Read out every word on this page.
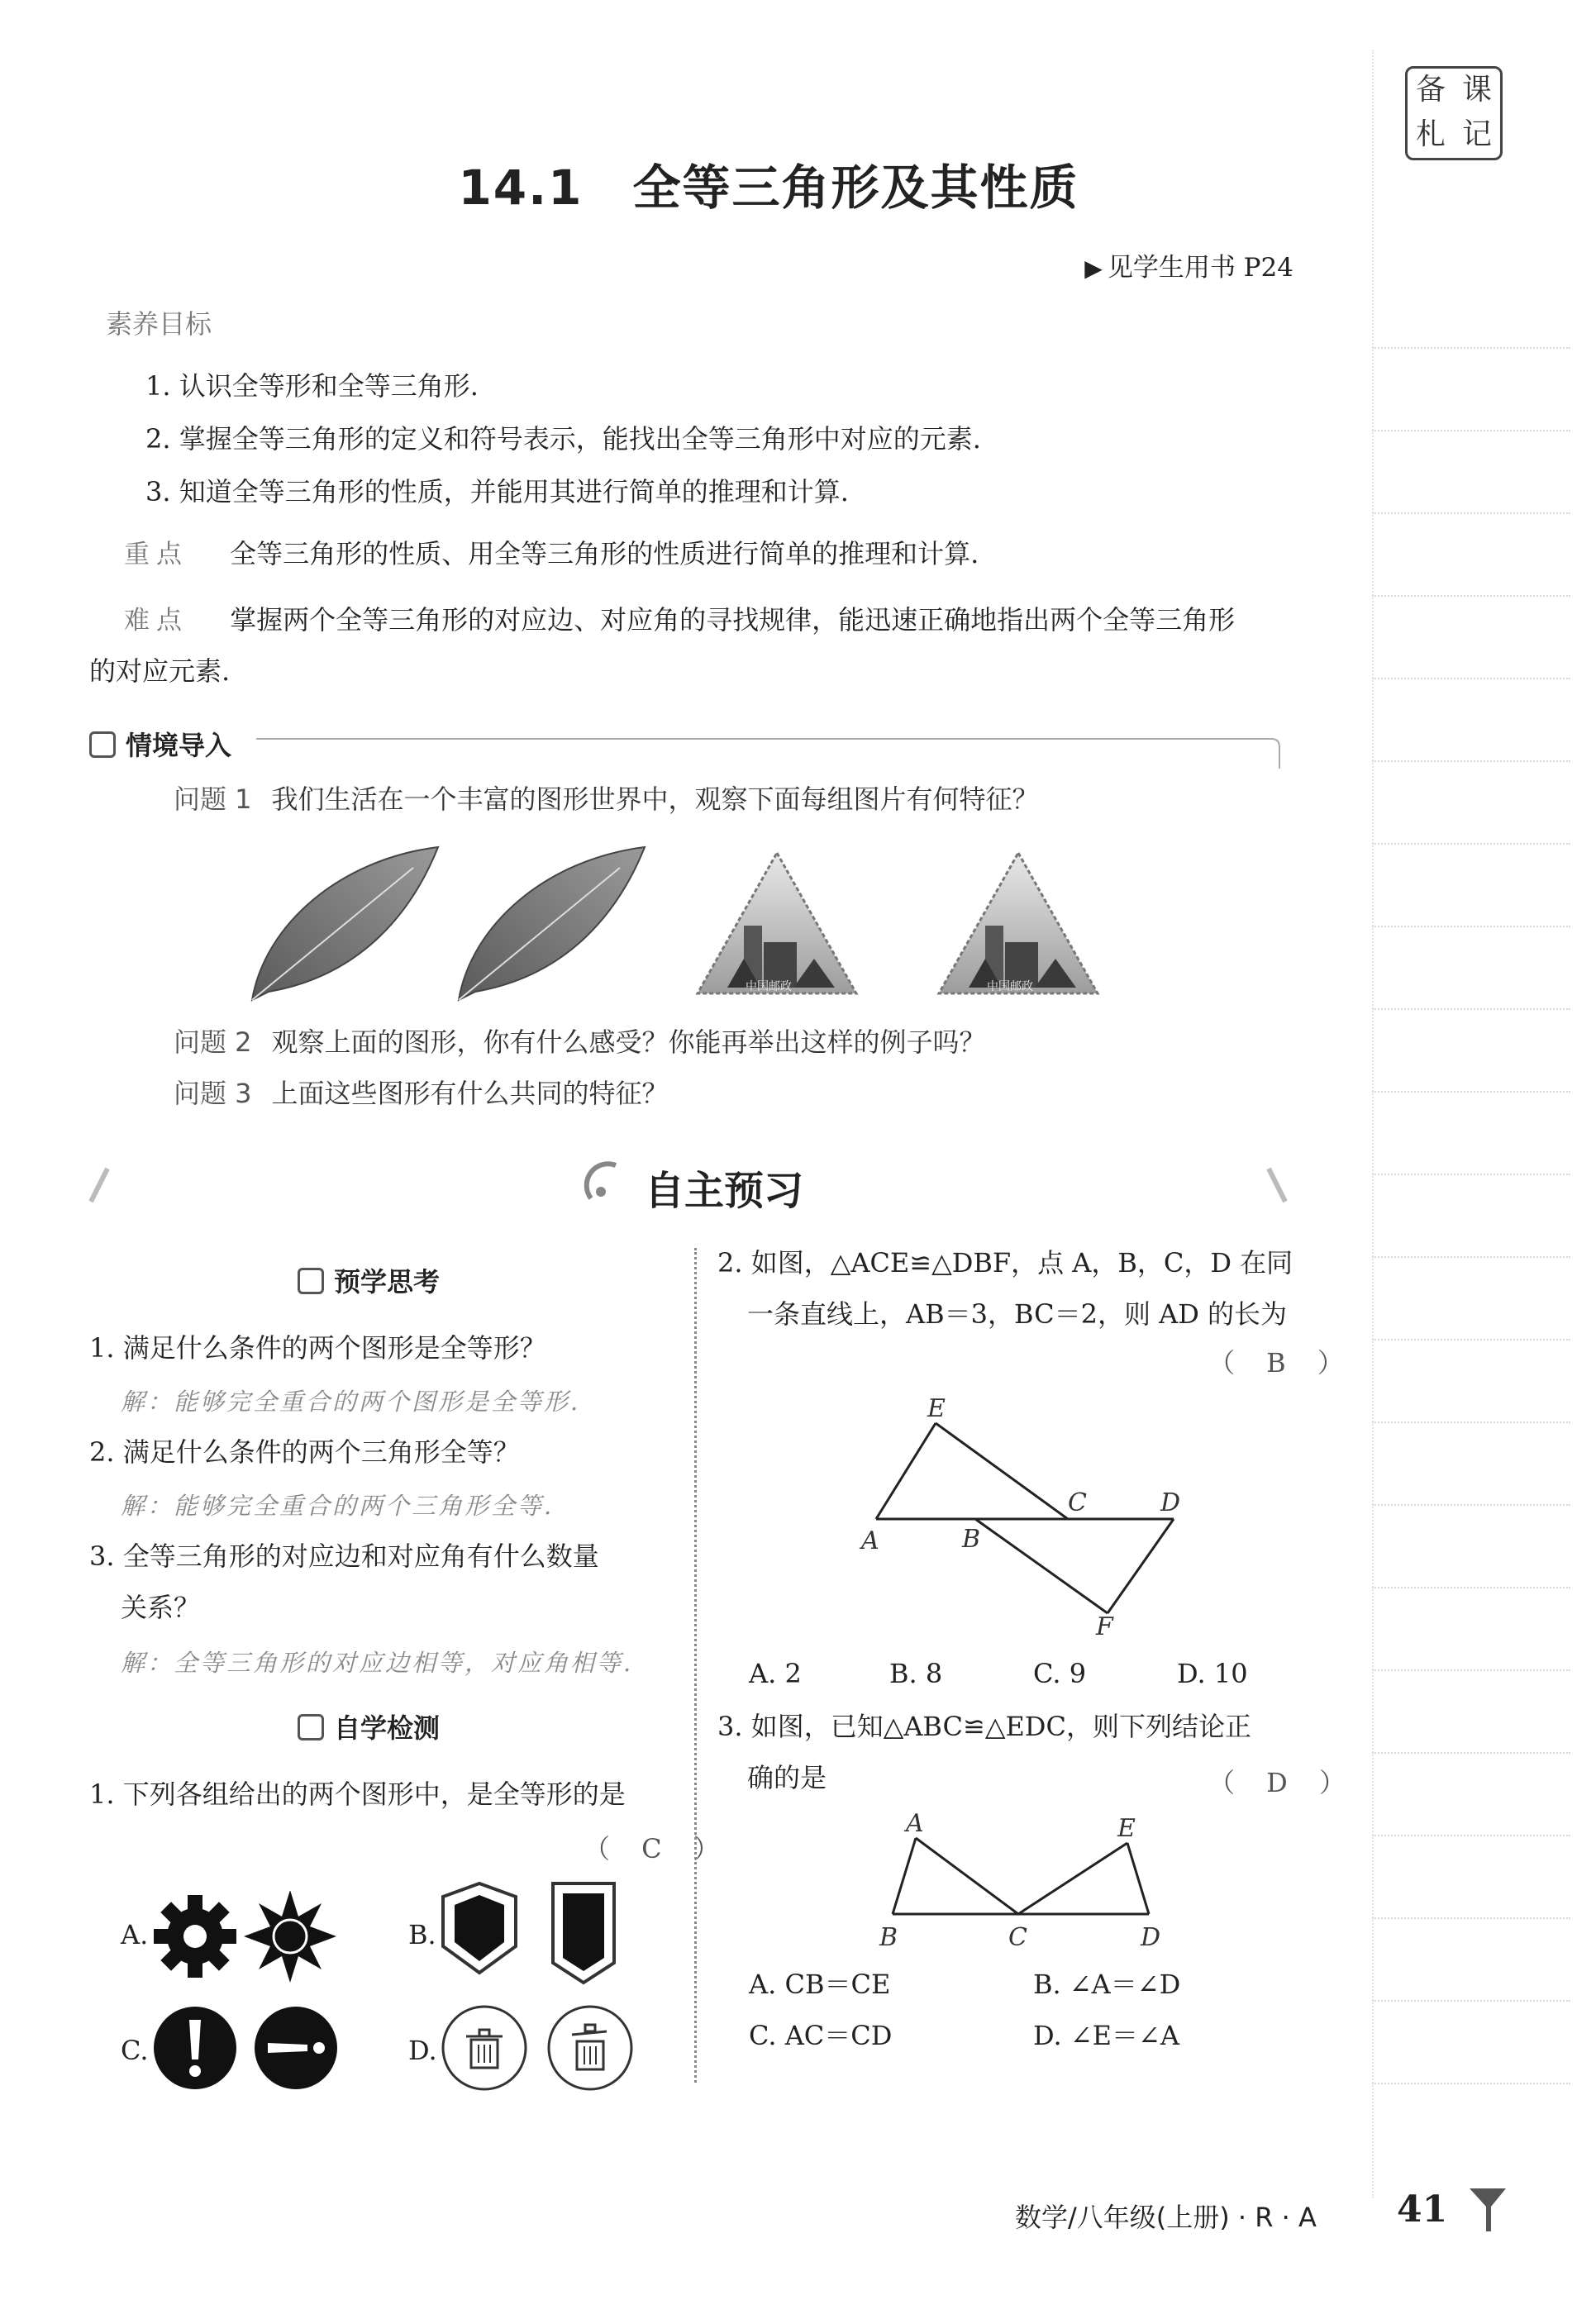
备 课
札 记
14.1　全等三角形及其性质
▶ 见学生用书 P24
素养目标
1. 认识全等形和全等三角形.
2. 掌握全等三角形的定义和符号表示，能找出全等三角形中对应的元素.
3. 知道全等三角形的性质，并能用其进行简单的推理和计算.
重点 全等三角形的性质、用全等三角形的性质进行简单的推理和计算.
难点 掌握两个全等三角形的对应边、对应角的寻找规律，能迅速正确地指出两个全等三角形
的对应元素.
情境导入
问题 1 我们生活在一个丰富的图形世界中，观察下面每组图片有何特征？
中国邮政	中国邮政
问题 2 观察上面的图形，你有什么感受？你能再举出这样的例子吗？
问题 3 上面这些图形有什么共同的特征？
自主预习
预学思考
1. 满足什么条件的两个图形是全等形？
解：能够完全重合的两个图形是全等形.
2. 满足什么条件的两个三角形全等？
解：能够完全重合的两个三角形全等.
3. 全等三角形的对应边和对应角有什么数量
关系？
解：全等三角形的对应边相等，对应角相等.
自学检测
1. 下列各组给出的两个图形中，是全等形的是
（ C ）
A.	B.
C.	D.
2. 如图，△ACE≌△DBF，点 A，B，C，D 在同
一条直线上，AB＝3，BC＝2，则 AD 的长为
（ B ）
E
C	D
A	B
F
A. 2	B. 8	C. 9	D. 10
3. 如图，已知△ABC≌△EDC，则下列结论正
确的是	（ D ）
A	E
B	C	D
A. CB＝CE	B. ∠A＝∠D
C. AC＝CD	D. ∠E＝∠A
数学/八年级(上册) · R · A 41
